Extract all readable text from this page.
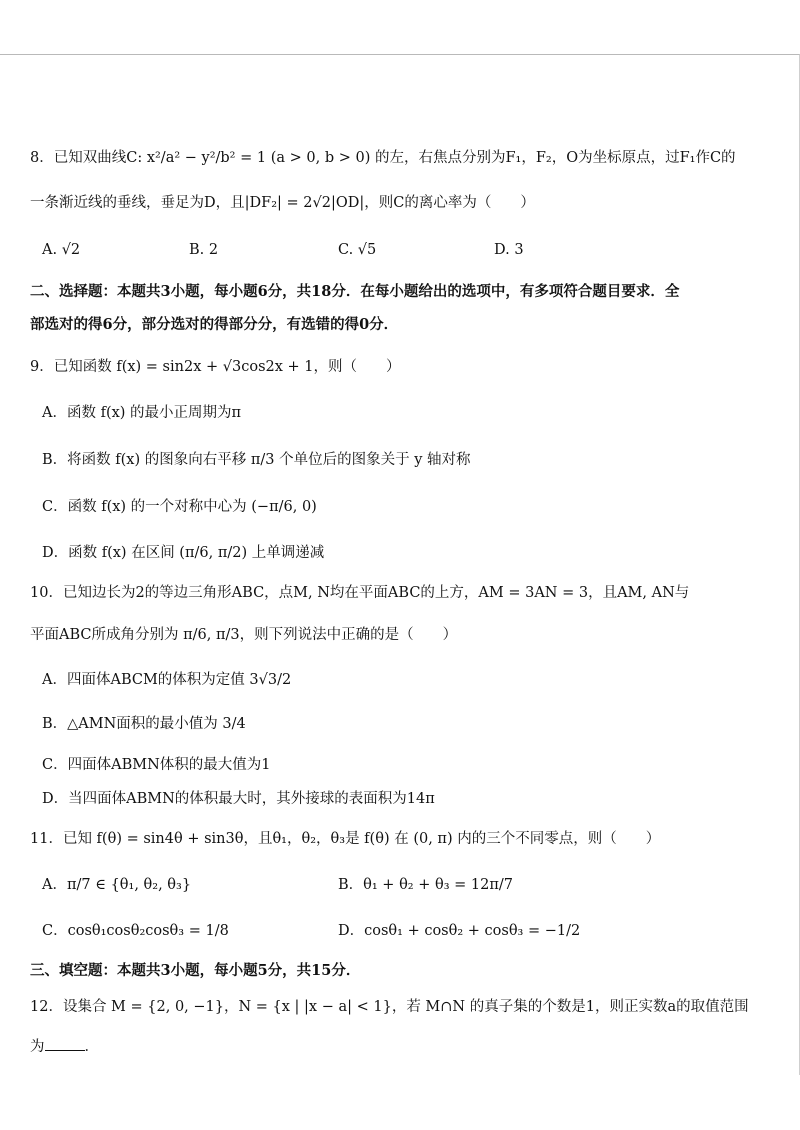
8．已知双曲线C: x²/a² − y²/b² = 1 (a > 0, b > 0) 的左，右焦点分别为F₁，F₂，O为坐标原点，过F₁作C的
一条渐近线的垂线，垂足为D，且|DF₂| = 2√2|OD|，则C的离心率为（　　）
A. √2	B. 2	C. √5	D. 3
二、选择题：本题共3小题，每小题6分，共18分．在每小题给出的选项中，有多项符合题目要求．全
部选对的得6分，部分选对的得部分分，有选错的得0分．
9．已知函数 f(x) = sin2x + √3cos2x + 1，则（　　）
A．函数 f(x) 的最小正周期为π
B．将函数 f(x) 的图象向右平移 π/3 个单位后的图象关于 y 轴对称
C．函数 f(x) 的一个对称中心为 (−π/6, 0)
D．函数 f(x) 在区间 (π/6, π/2) 上单调递减
10．已知边长为2的等边三角形ABC，点M, N均在平面ABC的上方，AM = 3AN = 3，且AM, AN与
平面ABC所成角分别为 π/6, π/3，则下列说法中正确的是（　　）
A．四面体ABCM的体积为定值 3√3/2
B．△AMN面积的最小值为 3/4
C．四面体ABMN体积的最大值为1
D．当四面体ABMN的体积最大时，其外接球的表面积为14π
11．已知 f(θ) = sin4θ + sin3θ，且θ₁，θ₂，θ₃是 f(θ) 在 (0, π) 内的三个不同零点，则（　　）
A．π/7 ∈ {θ₁, θ₂, θ₃}	B．θ₁ + θ₂ + θ₃ = 12π/7
C．cosθ₁cosθ₂cosθ₃ = 1/8	D．cosθ₁ + cosθ₂ + cosθ₃ = −1/2
三、填空题：本题共3小题，每小题5分，共15分．
12．设集合 M = {2, 0, −1}，N = {x | |x − a| < 1}，若 M∩N 的真子集的个数是1，则正实数a的取值范围
为	．
